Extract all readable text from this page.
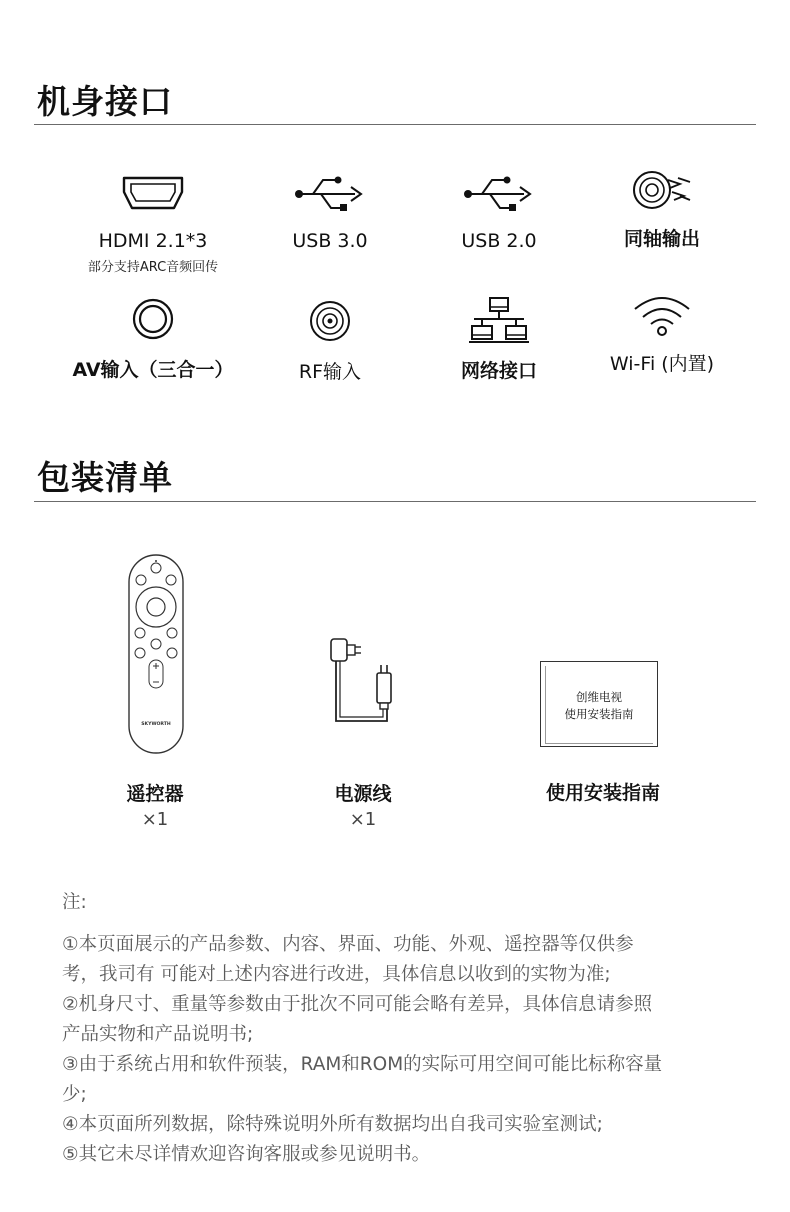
机身接口
HDMI 2.1*3
部分支持ARC音频回传
USB 3.0	USB 2.0	同轴输出
AV输入（三合一）	RF输入	网络接口	Wi-Fi (内置)
包装清单
SKYWORTH
创维电视
使用安装指南
遥控器
×1
电源线
×1
使用安装指南
注:
①本页面展示的产品参数、内容、界面、功能、外观、遥控器等仅供参
考，我司有 可能对上述内容进行改进，具体信息以收到的实物为准;
②机身尺寸、重量等参数由于批次不同可能会略有差异，具体信息请参照
产品实物和产品说明书;
③由于系统占用和软件预装，RAM和ROM的实际可用空间可能比标称容量
少;
④本页面所列数据，除特殊说明外所有数据均出自我司实验室测试;
⑤其它未尽详情欢迎咨询客服或参见说明书。
